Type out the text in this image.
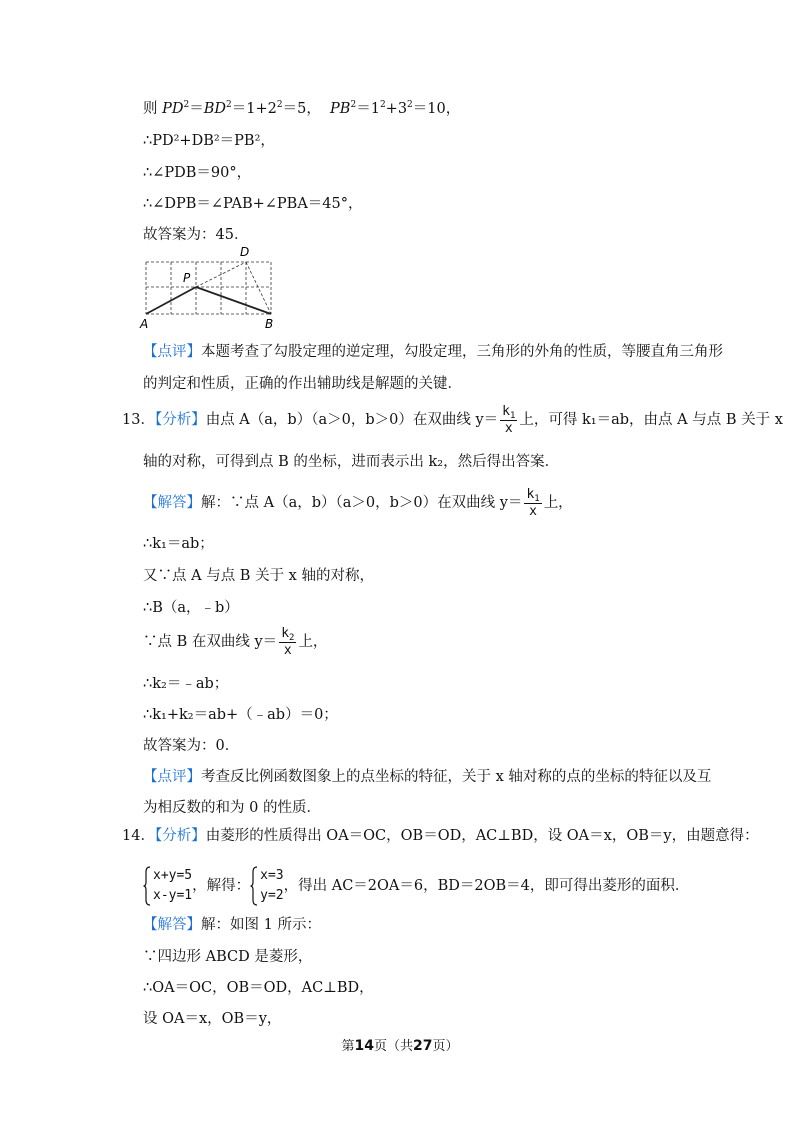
则 $PD^2=BD^2=1+2^2=5$， $PB^2=1^2+3^2=10$，
∴PD²+DB²＝PB²，
∴∠PDB＝90°，
∴∠DPB＝∠PAB+∠PBA＝45°，
故答案为：45．
D
P
A	B
【点评】本题考查了勾股定理的逆定理，勾股定理，三角形的外角的性质，等腰直角三角形
的判定和性质，正确的作出辅助线是解题的关键．
13．【分析】由点 A（a，b）（a＞0，b＞0）在双曲线 $y= \frac{k_1}{x}$ 上，可得 k₁＝ab，由点 A 与点 B 关于 x
轴的对称，可得到点 B 的坐标，进而表示出 k₂，然后得出答案．
【解答】解：∵点 A（a，b）（a＞0，b＞0）在双曲线 $y= \frac{k_1}{x}$ 上，
∴k₁＝ab；
又∵点 A 与点 B 关于 x 轴的对称，
∴B（a，﹣b）
∵点 B 在双曲线 $y= \frac{k_2}{x}$ 上，
∴k₂＝﹣ab；
∴k₁+k₂＝ab+（﹣ab）＝0；
故答案为：0．
【点评】考查反比例函数图象上的点坐标的特征，关于 x 轴对称的点的坐标的特征以及互
为相反数的和为 0 的性质．
14．【分析】由菱形的性质得出 OA＝OC，OB＝OD，AC⊥BD，设 OA＝x，OB＝y，由题意得：
x+y=5
x-y=1
，解得：
x=3
y=2
，得出 AC＝2OA＝6，BD＝2OB＝4，即可得出菱形的面积．
【解答】解：如图 1 所示：
∵四边形 ABCD 是菱形，
∴OA＝OC，OB＝OD，AC⊥BD，
设 OA＝x，OB＝y，
第14页（共27页）
